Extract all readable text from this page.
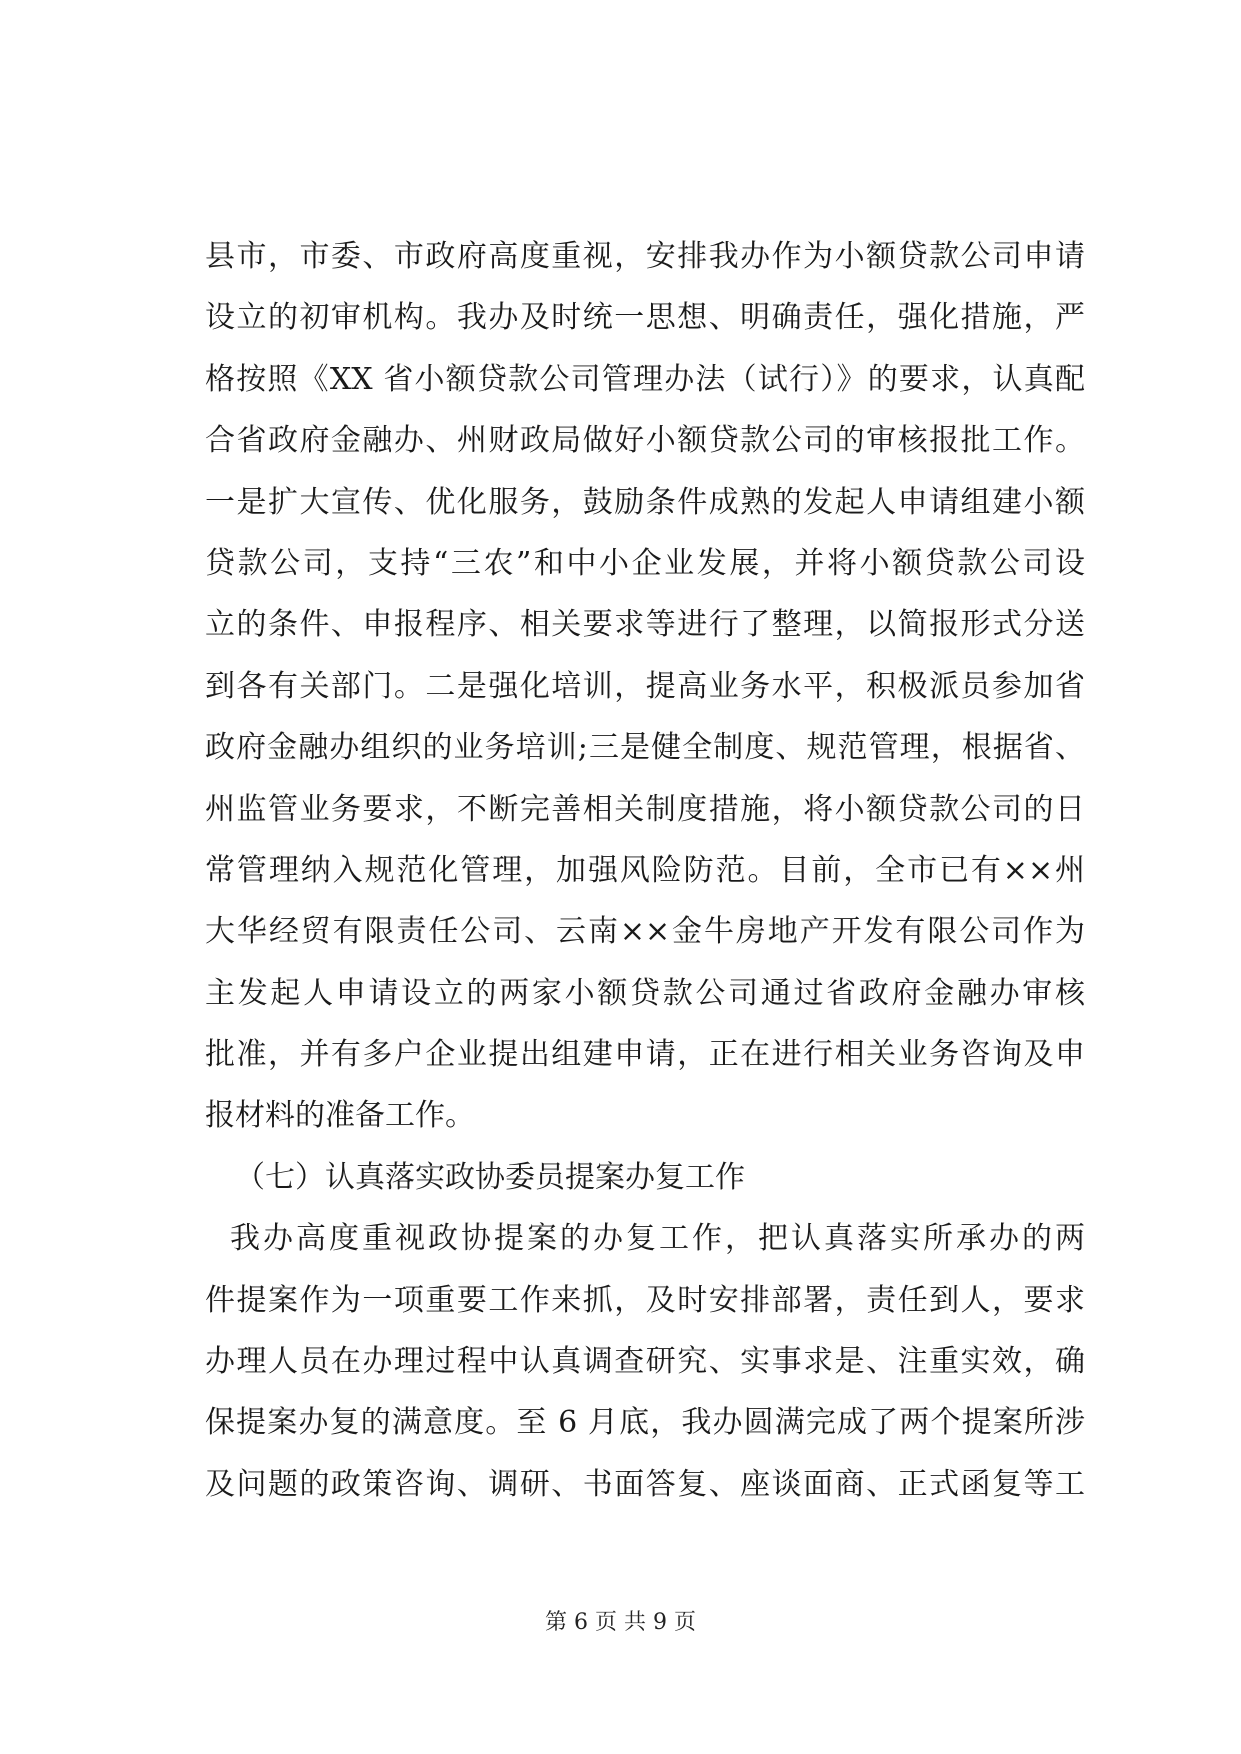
县市，市委、市政府高度重视，安排我办作为小额贷款公司申请
设立的初审机构。我办及时统一思想、明确责任，强化措施，严
格按照《XX 省小额贷款公司管理办法（试行）》的要求，认真配
合省政府金融办、州财政局做好小额贷款公司的审核报批工作。
一是扩大宣传、优化服务，鼓励条件成熟的发起人申请组建小额
贷款公司，支持“三农”和中小企业发展，并将小额贷款公司设
立的条件、申报程序、相关要求等进行了整理，以简报形式分送
到各有关部门。二是强化培训，提高业务水平，积极派员参加省
政府金融办组织的业务培训;三是健全制度、规范管理，根据省、
州监管业务要求，不断完善相关制度措施，将小额贷款公司的日
常管理纳入规范化管理，加强风险防范。目前，全市已有××州
大华经贸有限责任公司、云南××金牛房地产开发有限公司作为
主发起人申请设立的两家小额贷款公司通过省政府金融办审核
批准，并有多户企业提出组建申请，正在进行相关业务咨询及申
报材料的准备工作。
（七）认真落实政协委员提案办复工作
我办高度重视政协提案的办复工作，把认真落实所承办的两
件提案作为一项重要工作来抓，及时安排部署，责任到人，要求
办理人员在办理过程中认真调查研究、实事求是、注重实效，确
保提案办复的满意度。至 6 月底，我办圆满完成了两个提案所涉
及问题的政策咨询、调研、书面答复、座谈面商、正式函复等工
第 6 页 共 9 页
